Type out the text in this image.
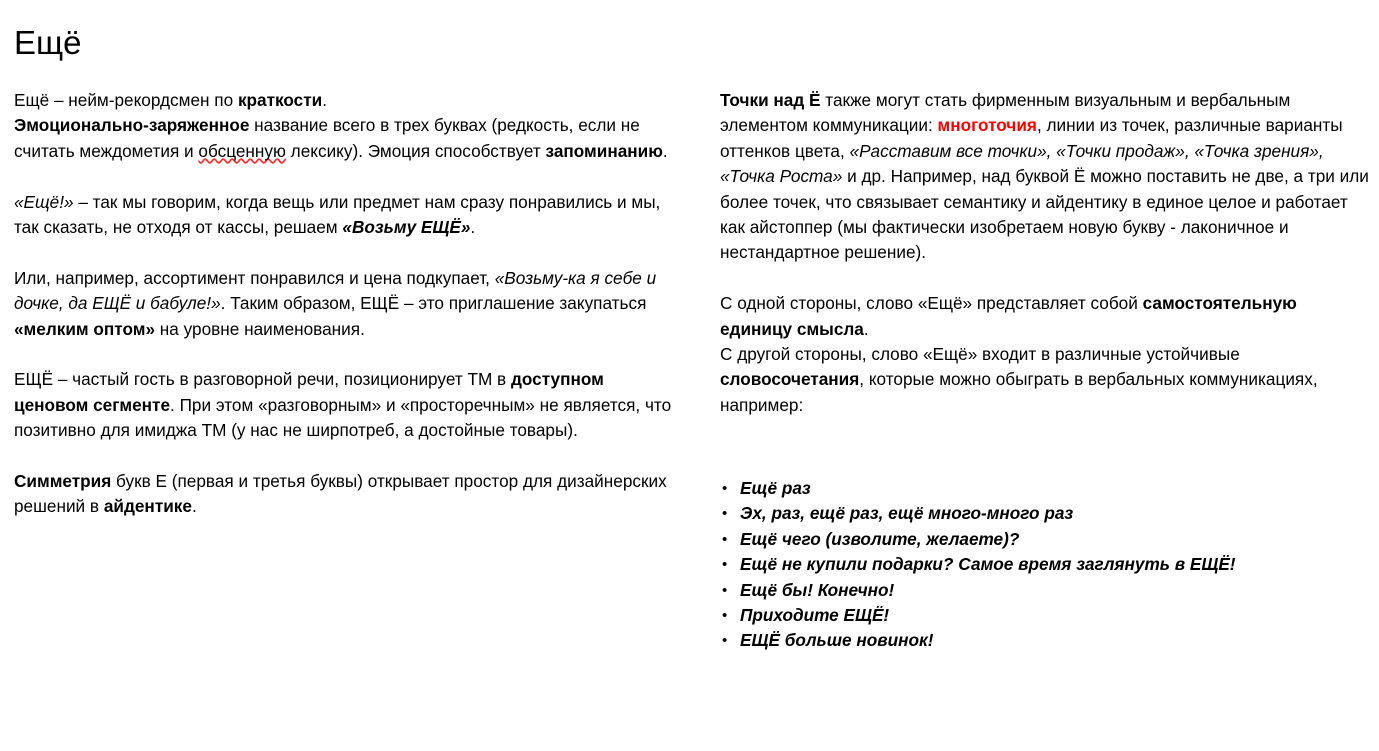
Ещё

Ещё – нейм-рекордсмен по краткости.
Эмоционально-заряженное название всего в трех буквах (редкость, если не считать междометия и обсценную лексику). Эмоция способствует запоминанию.

«Ещё!» – так мы говорим, когда вещь или предмет нам сразу понравились и мы, так сказать, не отходя от кассы, решаем «Возьму ЕЩЁ».

Или, например, ассортимент понравился и цена подкупает, «Возьму-ка я себе и дочке, да ЕЩЁ и бабуле!». Таким образом, ЕЩЁ – это приглашение закупаться «мелким оптом» на уровне наименования.

ЕЩЁ – частый гость в разговорной речи, позиционирует ТМ в доступном ценовом сегменте. При этом «разговорным» и «просторечным» не является, что позитивно для имиджа ТМ (у нас не ширпотреб, а достойные товары).

Симметрия букв Е (первая и третья буквы) открывает простор для дизайнерских решений в айдентике.

Точки над Ё также могут стать фирменным визуальным и вербальным элементом коммуникации: многоточия, линии из точек, различные варианты оттенков цвета, «Расставим все точки», «Точки продаж», «Точка зрения», «Точка Роста» и др. Например, над буквой Ё можно поставить не две, а три или более точек, что связывает семантику и айдентику в единое целое и работает как айстоппер (мы фактически изобретаем новую букву - лаконичное и нестандартное решение).

С одной стороны, слово «Ещё» представляет собой самостоятельную единицу смысла.
С другой стороны, слово «Ещё» входит в различные устойчивые словосочетания, которые можно обыграть в вербальных коммуникациях, например:

• Ещё раз
• Эх, раз, ещё раз, ещё много-много раз
• Ещё чего (изволите, желаете)?
• Ещё не купили подарки? Самое время заглянуть в ЕЩЁ!
• Ещё бы! Конечно!
• Приходите ЕЩЁ!
• ЕЩЁ больше новинок!
